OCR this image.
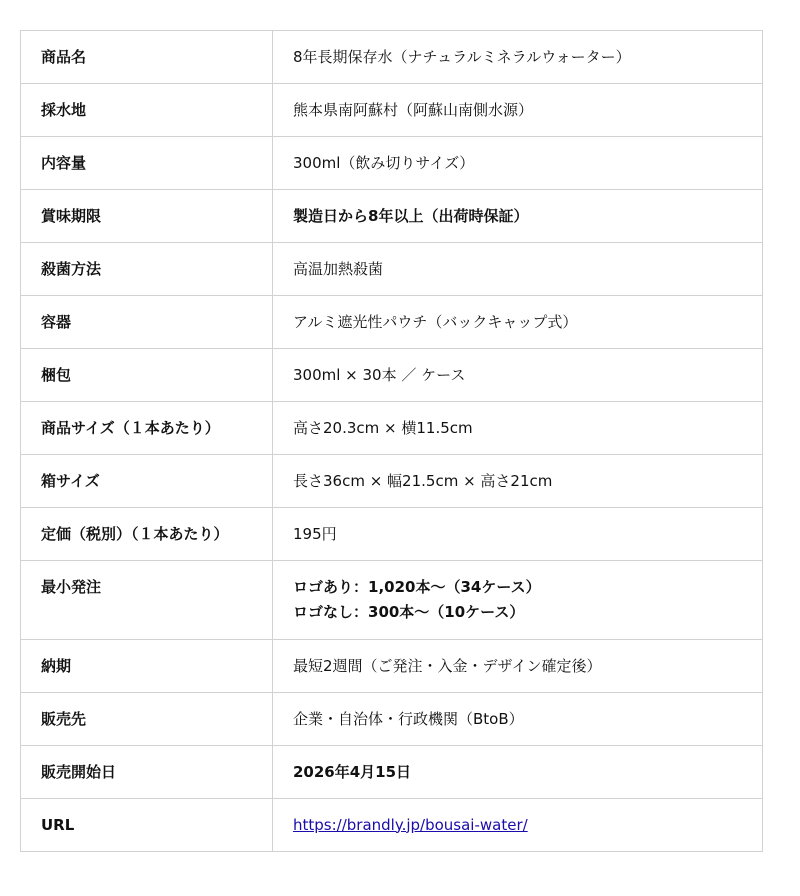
商品名	8年長期保存水（ナチュラルミネラルウォーター）
採水地	熊本県南阿蘇村（阿蘇山南側水源）
内容量	300ml（飲み切りサイズ）
賞味期限	製造日から8年以上（出荷時保証）
殺菌方法	高温加熱殺菌
容器	アルミ遮光性パウチ（バックキャップ式）
梱包	300ml × 30本 ／ ケース
商品サイズ（１本あたり）	高さ20.3cm × 横11.5cm
箱サイズ	長さ36cm × 幅21.5cm × 高さ21cm
定価（税別）（１本あたり）	195円
最小発注	ロゴあり：1,020本〜（34ケース）
ロゴなし：300本〜（10ケース）

納期	最短2週間（ご発注・入金・デザイン確定後）
販売先	企業・自治体・行政機関（BtoB）
販売開始日	2026年4月15日
URL	https://brandly.jp/bousai-water/
